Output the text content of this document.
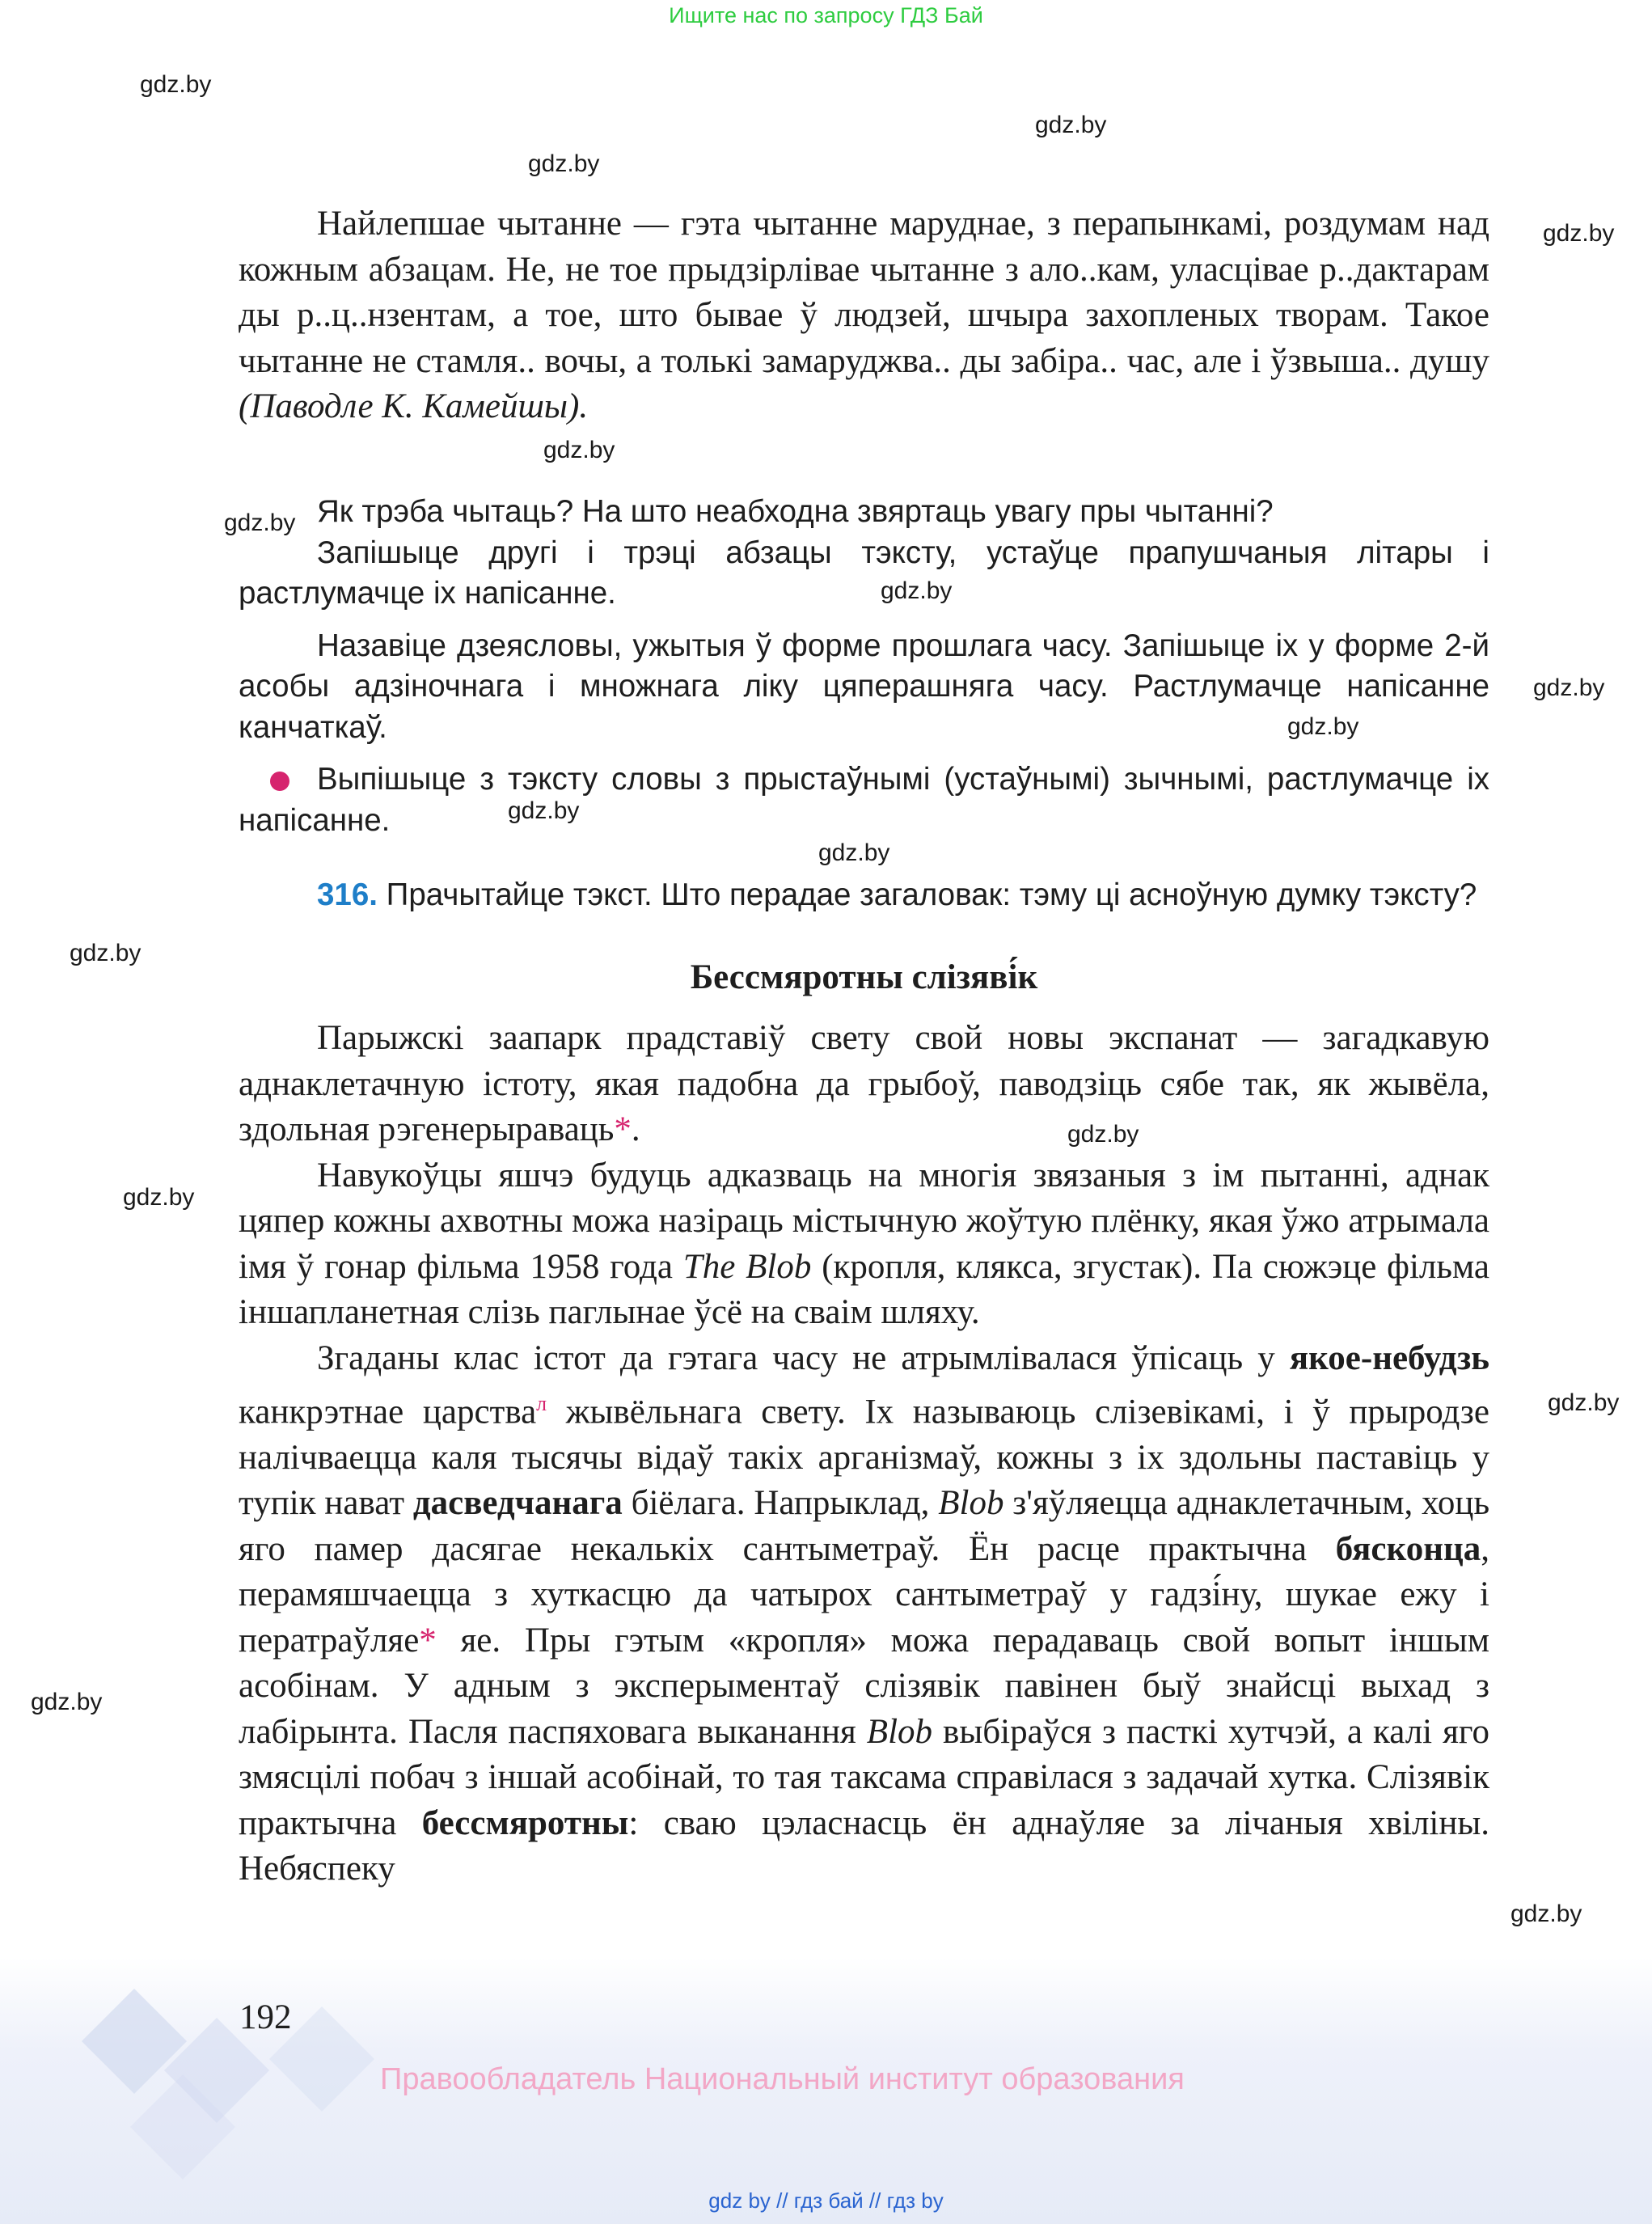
Ищите нас по запросу ГДЗ Бай
gdz.by
gdz.by
gdz.by
gdz.by
gdz.by
gdz.by
gdz.by
gdz.by
gdz.by
gdz.by
gdz.by
gdz.by
gdz.by
gdz.by
gdz.by
gdz.by
gdz.by

Найлепшае чытанне — гэта чытанне маруднае, з перапынкамі, роздумам над кожным абзацам. Не, не тое прыдзірлівае чытанне з ало..кам, уласцівае р..дактарам ды р..ц..нзентам, а тое, што бывае ў людзей, шчыра захопленых творам. Такое чытанне не стамля.. вочы, а толькі замаруджва.. ды забіра.. час, але і ўзвыша.. душу (Паводле К. Камейшы).

Як трэба чытаць? На што неабходна звяртаць увагу пры чытанні?

Запішыце другі і трэці абзацы тэксту, устаўце прапушчаныя літары і растлумачце іх напісанне.

Назавіце дзеясловы, ужытыя ў форме прошлага часу. Запішыце іх у форме 2-й асобы адзіночнага і множнага ліку цяперашняга часу. Растлумачце напісанне канчаткаў.

Выпішыце з тэксту словы з прыстаўнымі (устаўнымі) зычнымі, растлумачце іх напісанне.

316. Прачытайце тэкст. Што перадае загаловак: тэму ці асноўную думку тэксту?

Бессмяротны слізяві́к

Парыжскі заапарк прадставіў свету свой новы экспанат — загадкавую аднаклетачную істоту, якая падобна да грыбоў, паводзіць сябе так, як жывёла, здольная рэгенерыраваць*.

Навукоўцы яшчэ будуць адказваць на многія звязаныя з ім пытанні, аднак цяпер кожны ахвотны можа назіраць містычную жоўтую плёнку, якая ўжо атрымала імя ў гонар фільма 1958 года The Blob (кропля, клякса, згустак). Па сюжэце фільма іншапланетная слізь паглынае ўсё на сваім шляху.

Згаданы клас істот да гэтага часу не атрымлівалася ўпісаць у якое-небудзь канкрэтнае царства$^л$ жывёльнага свету. Іх называюць слізевікамі, і ў прыродзе налічваецца каля тысячы відаў такіх арганізмаў, кожны з іх здольны паставіць у тупік нават дасведчанага біёлага. Напрыклад, Blob з'яўляецца аднаклетачным, хоць яго памер дасягае некалькіх сантыметраў. Ён расце практычна бясконца, перамяшчаецца з хуткасцю да чатырох сантыметраў у гадзі́ну, шукае ежу і ператраўляе* яе. Пры гэтым «кропля» можа перадаваць свой вопыт іншым асобінам. У адным з эксперыментаў слізявік павінен быў знайсці выхад з лабірынта. Пасля паспяховага выканання Blob выбіраўся з пасткі хутчэй, а калі яго змясцілі побач з іншай асобінай, то тая таксама справілася з задачай хутка. Слізявік практычна бессмяротны: сваю цэласнасць ён аднаўляе за лічаныя хвіліны. Небяспеку

192
Правообладатель Национальный институт образования
gdz by // гдз бай // гдз by
